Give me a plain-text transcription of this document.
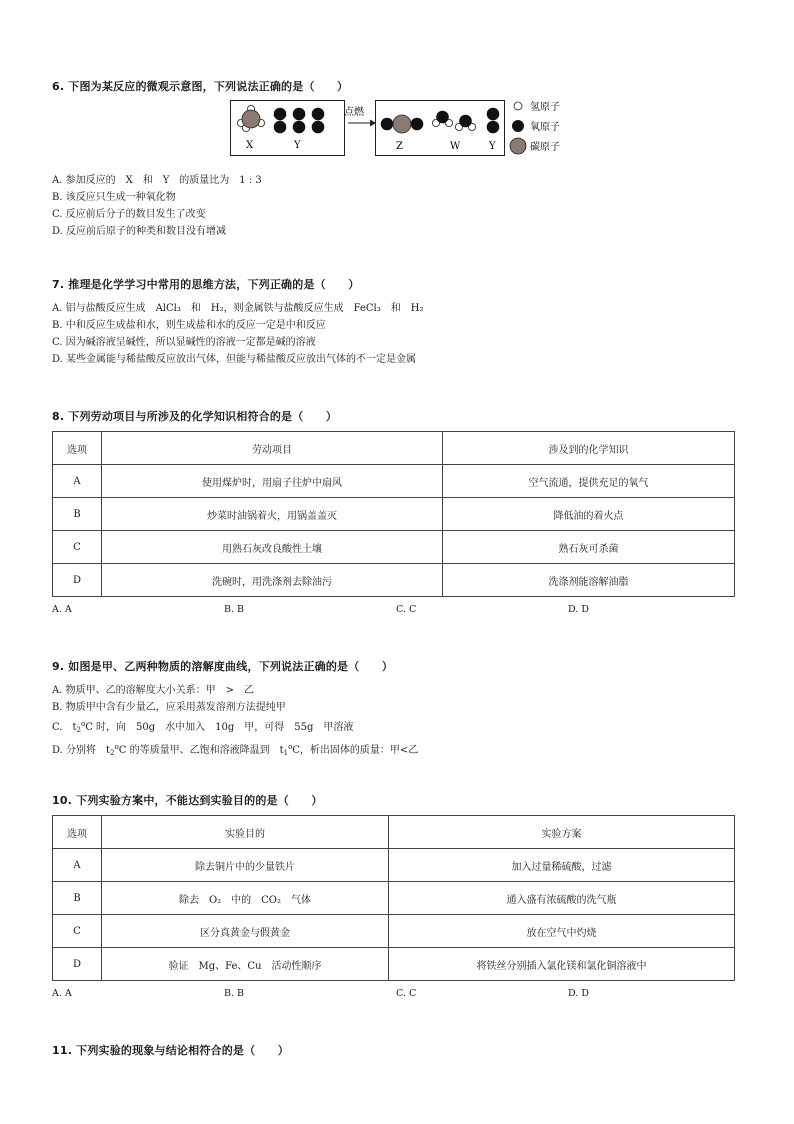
6. 下图为某反应的微观示意图，下列说法正确的是（　　）
X	Y
点燃
Z	W	Y
氢原子
氧原子
碳原子
A. 参加反应的　X　和　Y　的质量比为　1 : 3
B. 该反应只生成一种氧化物
C. 反应前后分子的数目发生了改变
D. 反应前后原子的种类和数目没有增减
7. 推理是化学学习中常用的思维方法，下列正确的是（　　）
A. 铝与盐酸反应生成　AlCl₃　和　H₂，则金属铁与盐酸反应生成　FeCl₃　和　H₂
B. 中和反应生成盐和水，则生成盐和水的反应一定是中和反应
C. 因为碱溶液呈碱性，所以显碱性的溶液一定都是碱的溶液
D. 某些金属能与稀盐酸反应放出气体，但能与稀盐酸反应放出气体的不一定是金属
8. 下列劳动项目与所涉及的化学知识相符合的是（　　）
选项	劳动项目	涉及到的化学知识
A	使用煤炉时，用扇子往炉中扇风	空气流通，提供充足的氧气
B	炒菜时油锅着火，用锅盖盖灭	降低油的着火点
C	用熟石灰改良酸性土壤	熟石灰可杀菌
D	洗碗时，用洗涤剂去除油污	洗涤剂能溶解油脂
A. A	B. B	C. C	D. D
9. 如图是甲、乙两种物质的溶解度曲线，下列说法正确的是（　　）
A. 物质甲、乙的溶解度大小关系：甲　>　乙
B. 物质甲中含有少量乙，应采用蒸发溶剂方法提纯甲
C.　$t_2^oC$ 时，向　50g　水中加入　10g　甲，可得　55g　甲溶液
D. 分别将　$t_2^oC$ 的等质量甲、乙饱和溶液降温到　$t_1^oC$，析出固体的质量：甲<乙
10. 下列实验方案中，不能达到实验目的的是（　　）
选项	实验目的	实验方案
A	除去铜片中的少量铁片	加入过量稀硫酸，过滤
B	除去　O₂　中的　CO₂　气体	通入盛有浓硫酸的洗气瓶
C	区分真黄金与假黄金	放在空气中灼烧
D	验证　Mg、Fe、Cu　活动性顺序	将铁丝分别插入氯化镁和氯化铜溶液中
A. A	B. B	C. C	D. D
11. 下列实验的现象与结论相符合的是（　　）
